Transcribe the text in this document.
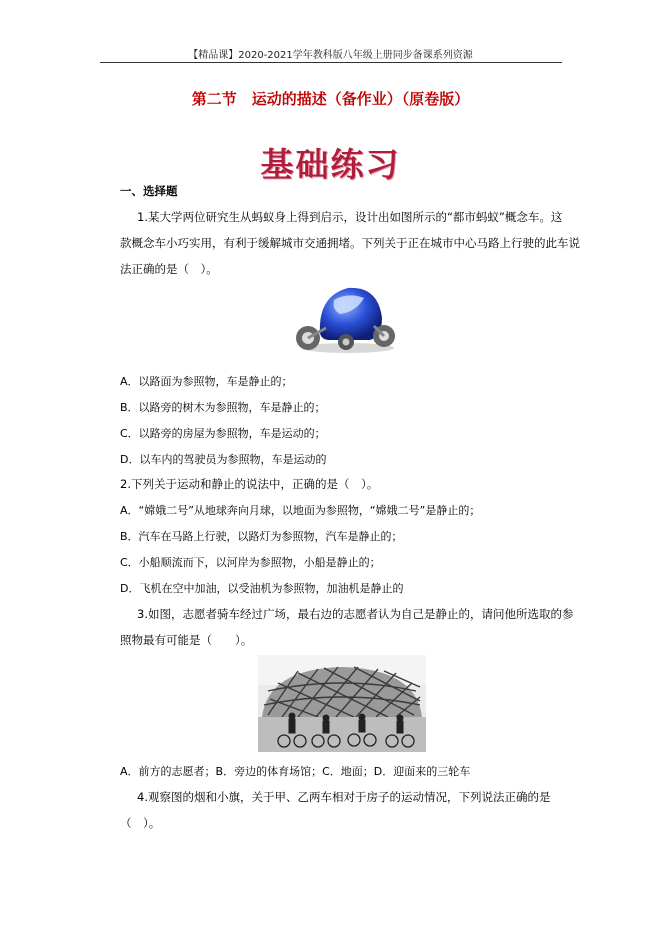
【精品课】2020-2021学年教科版八年级上册同步备课系列资源
第二节　运动的描述（备作业）（原卷版）
基础练习
一、选择题
1.某大学两位研究生从蚂蚁身上得到启示，设计出如图所示的“都市蚂蚁”概念车。这
款概念车小巧实用，有利于缓解城市交通拥堵。下列关于正在城市中心马路上行驶的此车说
法正确的是（　）。
A．以路面为参照物，车是静止的；
B．以路旁的树木为参照物，车是静止的；
C．以路旁的房屋为参照物，车是运动的；
D．以车内的驾驶员为参照物，车是运动的
2.下列关于运动和静止的说法中，正确的是（　）。
A．“嫦娥二号”从地球奔向月球，以地面为参照物，“嫦娥二号”是静止的；
B．汽车在马路上行驶，以路灯为参照物，汽车是静止的；
C．小船顺流而下，以河岸为参照物，小船是静止的；
D．飞机在空中加油，以受油机为参照物，加油机是静止的
3.如图，志愿者骑车经过广场，最右边的志愿者认为自己是静止的，请问他所选取的参
照物最有可能是（　　）。
A．前方的志愿者；B．旁边的体育场馆；C．地面；D．迎面来的三轮车
4.观察图的烟和小旗，关于甲、乙两车相对于房子的运动情况，下列说法正确的是
（　）。
